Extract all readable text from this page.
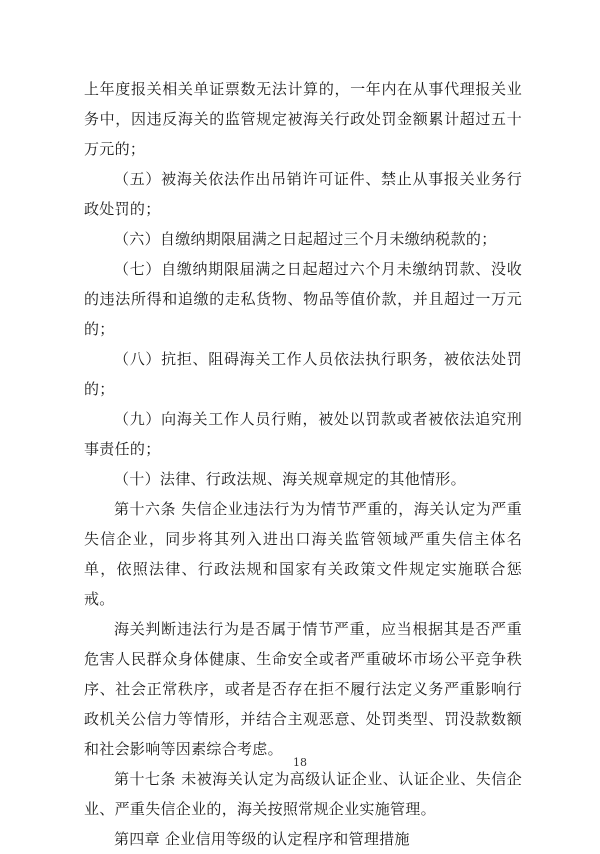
上年度报关相关单证票数无法计算的，一年内在从事代理报关业务中，因违反海关的监管规定被海关行政处罚金额累计超过五十万元的；

（五）被海关依法作出吊销许可证件、禁止从事报关业务行政处罚的；

（六）自缴纳期限届满之日起超过三个月未缴纳税款的；

（七）自缴纳期限届满之日起超过六个月未缴纳罚款、没收的违法所得和追缴的走私货物、物品等值价款，并且超过一万元的；

（八）抗拒、阻碍海关工作人员依法执行职务，被依法处罚的；

（九）向海关工作人员行贿，被处以罚款或者被依法追究刑事责任的；

（十）法律、行政法规、海关规章规定的其他情形。

第十六条 失信企业违法行为为情节严重的，海关认定为严重失信企业，同步将其列入进出口海关监管领域严重失信主体名单，依照法律、行政法规和国家有关政策文件规定实施联合惩戒。

海关判断违法行为是否属于情节严重，应当根据其是否严重危害人民群众身体健康、生命安全或者严重破坏市场公平竞争秩序、社会正常秩序，或者是否存在拒不履行法定义务严重影响行政机关公信力等情形，并结合主观恶意、处罚类型、罚没款数额和社会影响等因素综合考虑。

第十七条 未被海关认定为高级认证企业、认证企业、失信企业、严重失信企业的，海关按照常规企业实施管理。

第四章 企业信用等级的认定程序和管理措施

18
